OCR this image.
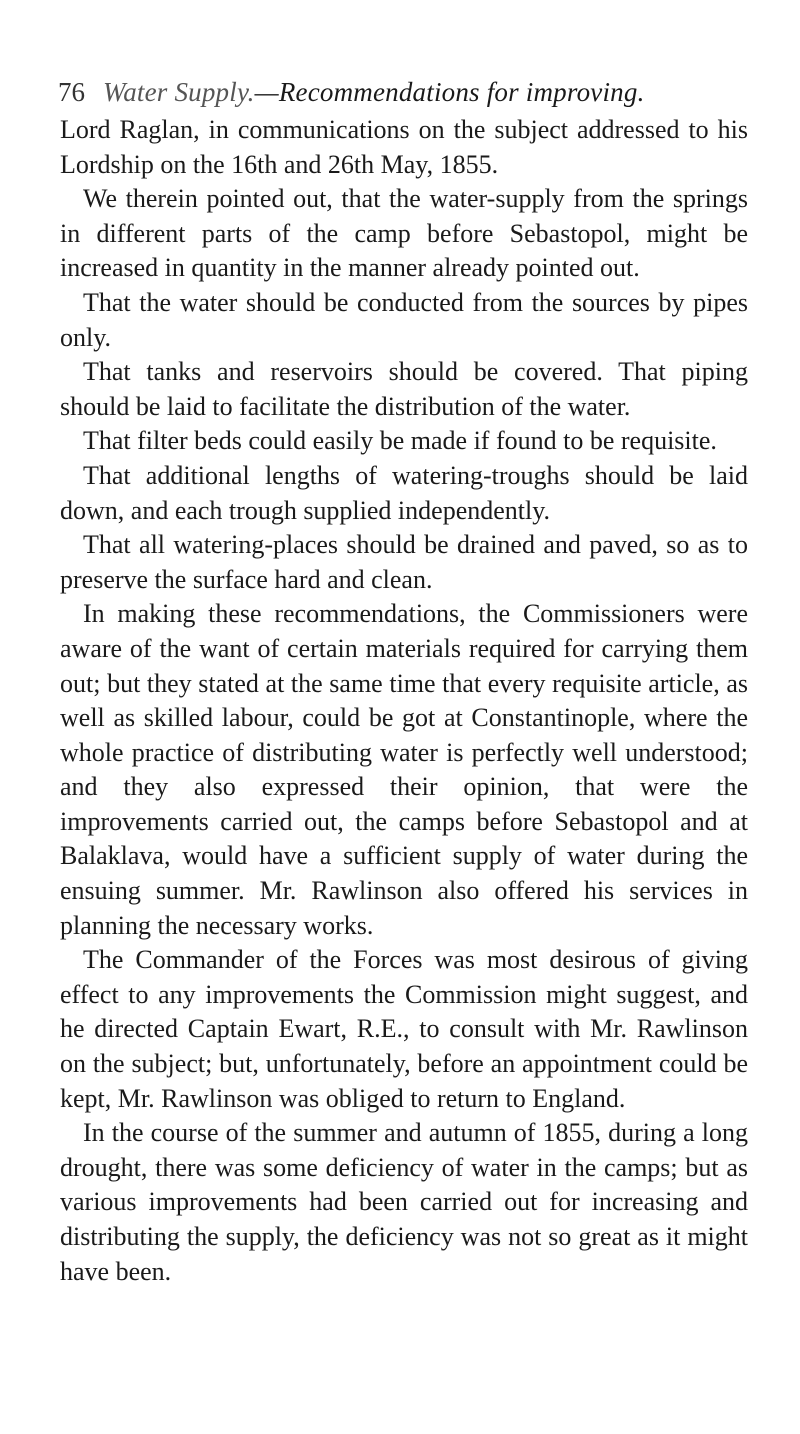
76 Water Supply.—Recommendations for improving.

Lord Raglan, in communications on the subject addressed to his Lordship on the 16th and 26th May, 1855.

We therein pointed out, that the water-supply from the springs in different parts of the camp before Sebastopol, might be increased in quantity in the manner already pointed out.

That the water should be conducted from the sources by pipes only.

That tanks and reservoirs should be covered. That piping should be laid to facilitate the distribution of the water.

That filter beds could easily be made if found to be requisite.

That additional lengths of watering-troughs should be laid down, and each trough supplied independently.

That all watering-places should be drained and paved, so as to preserve the surface hard and clean.

In making these recommendations, the Commissioners were aware of the want of certain materials required for carrying them out; but they stated at the same time that every requisite article, as well as skilled labour, could be got at Constantinople, where the whole practice of distributing water is perfectly well understood; and they also expressed their opinion, that were the improvements carried out, the camps before Sebastopol and at Balaklava, would have a sufficient supply of water during the ensuing summer. Mr. Rawlinson also offered his services in planning the necessary works.

The Commander of the Forces was most desirous of giving effect to any improvements the Commission might suggest, and he directed Captain Ewart, R.E., to consult with Mr. Rawlinson on the subject; but, unfortunately, before an appointment could be kept, Mr. Rawlinson was obliged to return to England.

In the course of the summer and autumn of 1855, during a long drought, there was some deficiency of water in the camps; but as various improvements had been carried out for increasing and distributing the supply, the deficiency was not so great as it might have been.
